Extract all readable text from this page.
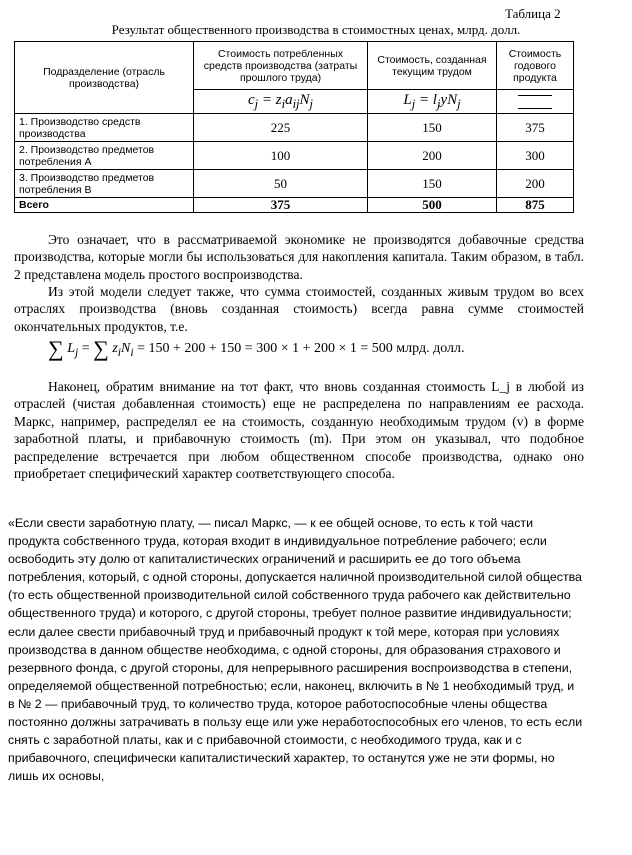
Таблица 2
Результат общественного производства в стоимостных ценах, млрд. долл.
Подразделение (отрасль производства)	Стоимость потребленных средств производства (затраты прошлого труда)	Стоимость, созданная текущим трудом	Стоимость годового продукта
	$c_j = z_ia_{ij}N_j$	$L_j = l_jyN_j$	

1. Производство средств производства	225	150	375
2. Производство предметов потребления A	100	200	300
3. Производство предметов потребления B	50	150	200
Всего	375	500	875

Это означает, что в рассматриваемой экономике не производятся добавочные средства производства, которые могли бы использоваться для накопления капитала. Таким образом, в табл. 2 представлена модель простого воспроизводства.

Из этой модели следует также, что сумма стоимостей, созданных живым трудом во всех отраслях производства (вновь созданная стоимость) всегда равна сумме стоимостей окончательных продуктов, т.е.

∑ $L_j$ = ∑ $z_iN_i = 150 + 200 + 150 = 300 \times 1 + 200 \times 1 = 500$ млрд. долл.

Наконец, обратим внимание на тот факт, что вновь созданная стоимость L_j в любой из отраслей (чистая добавленная стоимость) еще не распределена по направлениям ее расхода. Маркс, например, распределял ее на стоимость, созданную необходимым трудом (v) в форме заработной платы, и прибавочную стоимость (m). При этом он указывал, что подобное распределение встречается при любом общественном способе производства, однако оно приобретает специфический характер соответствующего способа.

«Если свести заработную плату, — писал Маркс, — к ее общей основе, то есть к той части продукта собственного труда, которая входит в индивидуальное потребление рабочего; если освободить эту долю от капиталистических ограничений и расширить ее до того объема потребления, который, с одной стороны, допускается наличной производительной силой общества (то есть общественной производительной силой собственного труда рабочего как действительно общественного труда) и которого, с другой стороны, требует полное развитие индивидуальности; если далее свести прибавочный труд и прибавочный продукт к той мере, которая при условиях производства в данном обществе необходима, с одной стороны, для образования страхового и резервного фонда, с другой стороны, для непрерывного расширения воспроизводства в степени, определяемой общественной потребностью; если, наконец, включить в № 1 необходимый труд, и в № 2 — прибавочный труд, то количество труда, которое работоспособные члены общества постоянно должны затрачивать в пользу еще или уже неработоспособных его членов, то есть если снять с заработной платы, как и с прибавочной стоимости, с необходимого труда, как и с прибавочного, специфически капиталистический характер, то останутся уже не эти формы, но лишь их основы,
